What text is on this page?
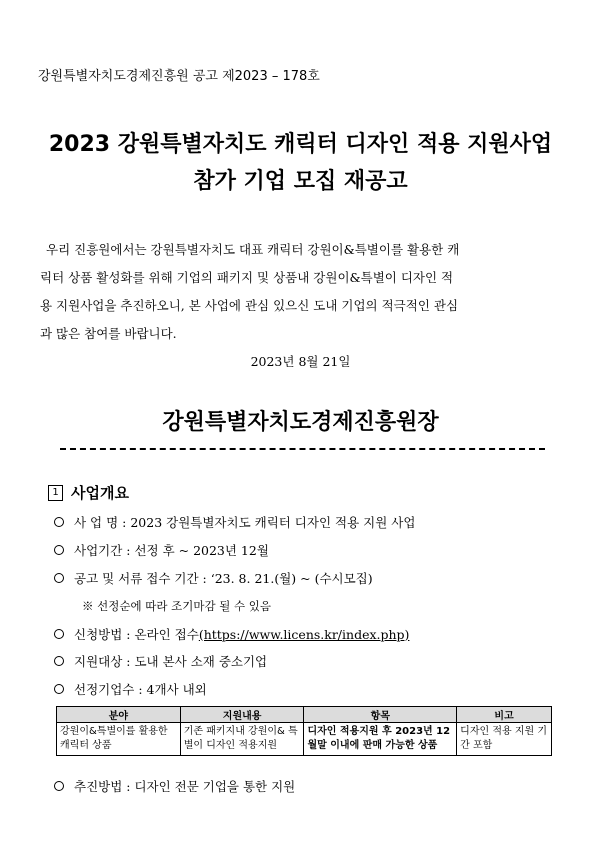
강원특별자치도경제진흥원 공고 제2023 – 178호
2023 강원특별자치도 캐릭터 디자인 적용 지원사업
참가 기업 모집 재공고

우리 진흥원에서는 강원특별자치도 대표 캐릭터 강원이&특별이를 활용한 캐

릭터 상품 활성화를 위해 기업의 패키지 및 상품내 강원이&특별이 디자인 적

용 지원사업을 추진하오니, 본 사업에 관심 있으신 도내 기업의 적극적인 관심

과 많은 참여를 바랍니다.

2023년 8월 21일
강원특별자치도경제진흥원장
1 사업개요
사 업 명 : 2023 강원특별자치도 캐릭터 디자인 적용 지원 사업
사업기간 : 선정 후 ~ 2023년 12월
공고 및 서류 접수 기간 : ‘23. 8. 21.(월) ~ (수시모집)
※ 선정순에 따라 조기마감 될 수 있음
신청방법 : 온라인 접수 (https://www.licens.kr/index.php)
지원대상 : 도내 본사 소재 중소기업
선정기업수 : 4개사 내외
분야	지원내용	항목	비고
강원이&특별이를 활용한 캐릭터 상품	기존 패키지내 강원이& 특별이 디자인 적용지원	디자인 적용지원 후 2023년 12월말 이내에 판매 가능한 상품	디자인 적용 지원 기간 포함
추진방법 : 디자인 전문 기업을 통한 지원
